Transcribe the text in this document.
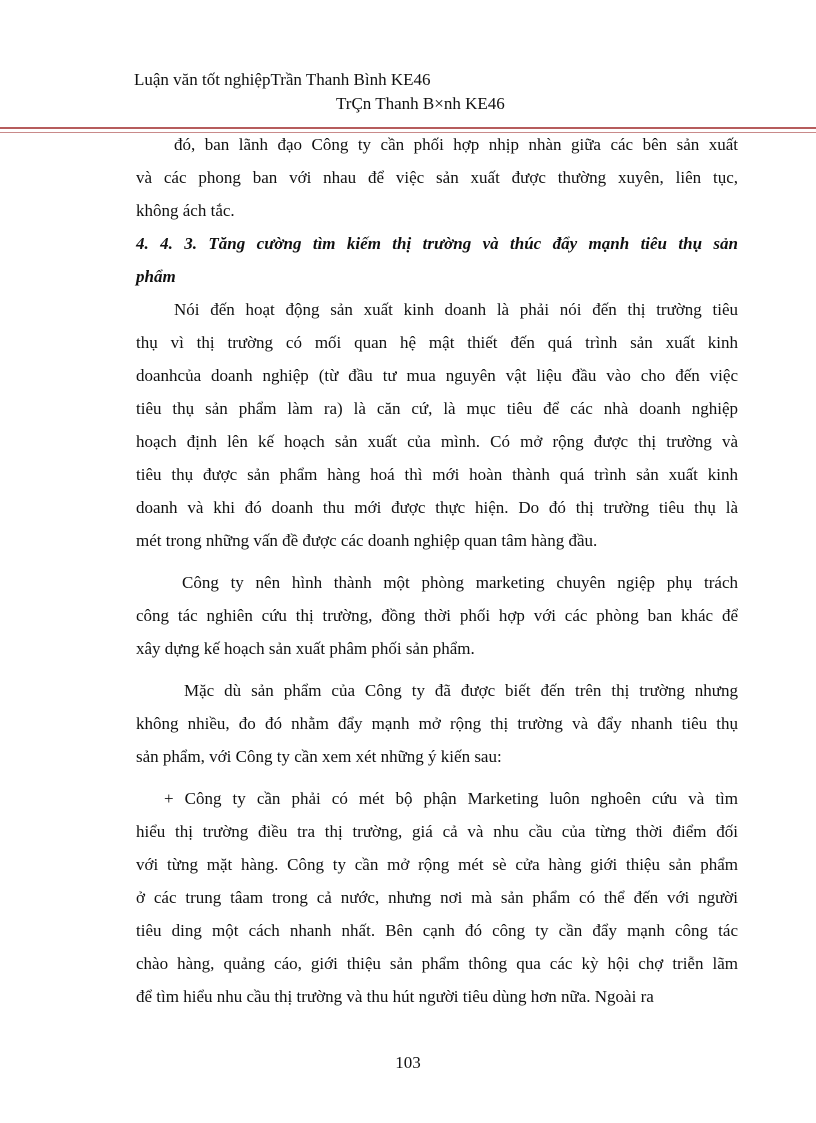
Luận văn tốt nghiệpTrần Thanh Bình KE46
TrÇn Thanh B×nh KE46

đó, ban lãnh đạo Công ty cần phối hợp nhịp nhàn giữa các bên sản xuất
và các phong ban với nhau để việc sản xuất được thường xuyên, liên tục,
không ách tắc.

4. 4. 3. Tăng cường tìm kiếm thị trường và thúc đẩy mạnh tiêu thụ sản
phẩm

Nói đến hoạt động sản xuất kinh doanh là phải nói đến thị trường tiêu
thụ vì thị trường có mối quan hệ mật thiết đến quá trình sản xuất kinh
doanhcủa doanh nghiệp (từ đầu tư mua nguyên vật liệu đầu vào cho đến việc
tiêu thụ sản phẩm làm ra) là căn cứ, là mục tiêu để các nhà doanh nghiệp
hoạch định lên kế hoạch sản xuất của mình. Có mở rộng được thị trường và
tiêu thụ được sản phẩm hàng hoá thì mới hoàn thành quá trình sản xuất kinh
doanh và khi đó doanh thu mới được thực hiện. Do đó thị trường tiêu thụ là
mét trong những vấn đề được các doanh nghiệp quan tâm hàng đầu.

Công ty nên hình thành một phòng marketing chuyên ngiệp phụ trách
công tác nghiên cứu thị trường, đồng thời phối hợp với các phòng ban khác để
xây dựng kế hoạch sản xuất phâm phối sản phẩm.

Mặc dù sản phẩm của Công ty đã được biết đến trên thị trường nhưng
không nhiều, đo đó nhằm đẩy mạnh mở rộng thị trường và đẩy nhanh tiêu thụ
sản phẩm, với Công ty cần xem xét những ý kiến sau:

+ Công ty cần phải có mét bộ phận Marketing luôn nghoên cứu và tìm
hiểu thị trường điều tra thị trường, giá cả và nhu cầu của từng thời điểm đối
với từng mặt hàng. Công ty cần mở rộng mét sè cửa hàng giới thiệu sản phẩm
ở các trung tâam trong cả nước, nhưng nơi mà sản phẩm có thể đến với người
tiêu ding một cách nhanh nhất. Bên cạnh đó công ty cần đẩy mạnh công tác
chào hàng, quảng cáo, giới thiệu sản phẩm thông qua các kỳ hội chợ triễn lãm
để tìm hiểu nhu cầu thị trường và thu hút người tiêu dùng hơn nữa. Ngoài ra

103
